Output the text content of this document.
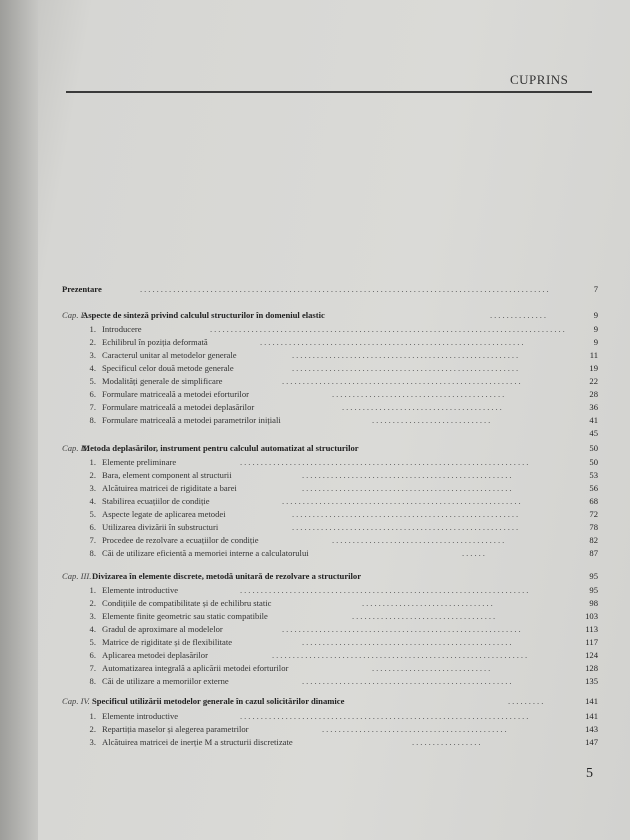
CUPRINS
Prezentare	...................................................................................................	7
Cap. I.
Aspecte de sinteză privind calculul structurilor în domeniul elastic	..............	9
1. Introducere	......................................................................................	9
2. Echilibrul în poziția deformată	................................................................	9
3. Caracterul unitar al metodelor generale	.......................................................	11
4. Specificul celor două metode generale	.......................................................	19
5. Modalități generale de simplificare	..........................................................	22
6. Formulare matriceală a metodei eforturilor	..........................................	28
7. Formulare matriceală a metodei deplasărilor	.......................................	36
8. Formulare matriceală a metodei parametrilor inițiali	.............................	41
45
Cap. II.
Metoda deplasărilor, instrument pentru calculul automatizat al structurilor	50
1. Elemente preliminare	......................................................................	50
2. Bara, element component al structurii	...................................................	53
3. Alcătuirea matricei de rigiditate a barei	...................................................	56
4. Stabilirea ecuațiilor de condiție	..........................................................	68
5. Aspecte legate de aplicarea metodei	.......................................................	72
6. Utilizarea divizării în substructuri	.......................................................	78
7. Procedee de rezolvare a ecuațiilor de condiție	..........................................	82
8. Căi de utilizare eficientă a memoriei interne a calculatorului	......	87
Cap. III. Divizarea în elemente discrete, metodă unitară de rezolvare a structurilor	95
1. Elemente introductive	......................................................................	95
2. Condițiile de compatibilitate și de echilibru static	................................	98
3. Elemente finite geometric sau static compatibile	...................................	103
4. Gradul de aproximare al modelelor	..........................................................	113
5. Matrice de rigiditate și de flexibilitate	...................................................	117
6. Aplicarea metodei deplasărilor	..............................................................	124
7. Automatizarea integrală a aplicării metodei eforturilor	.............................	128
8. Căi de utilizare a memoriilor externe	...................................................	135
Cap. IV. Specificul utilizării metodelor generale în cazul solicitărilor dinamice	.........	141
1. Elemente introductive	......................................................................	141
2. Repartiția maselor și alegerea parametrilor	.............................................	143
3. Alcătuirea matricei de inerție M a structurii discretizate	.................	147
5
